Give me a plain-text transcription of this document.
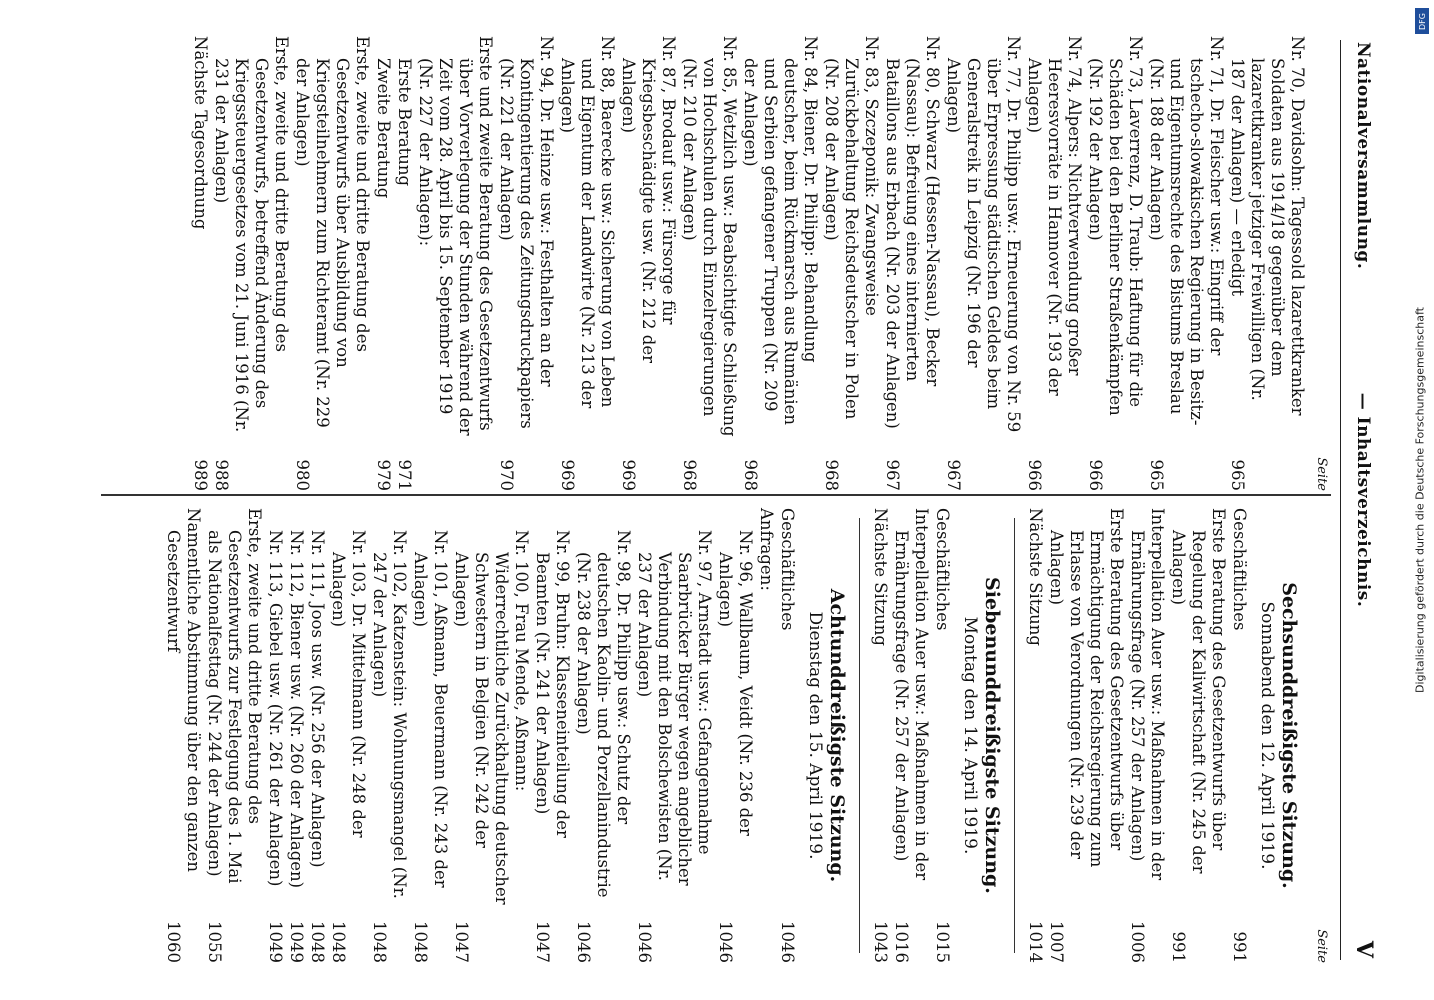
Nationalversammlung.
— Inhaltsverzeichnis.
V
Seite
Nr. 70, Davidsohn: Tagessold lazarettkranker Soldaten aus 1914/18 gegenüber dem lazarettkranker jetziger Freiwilligen (Nr. 187 der Anlagen) — erledigt
965
Nr. 71, Dr. Fleischer usw.: Eingriff der tschecho-slowakischen Regierung in Besitz- und Eigentumsrechte des Bistums Breslau (Nr. 188 der Anlagen)
965
Nr. 73, Laverrenz, D. Traub: Haftung für die Schäden bei den Berliner Straßenkämpfen (Nr. 192 der Anlagen)
966
Nr. 74, Alpers: Nichtverwendung großer Heeresvorräte in Hannover (Nr. 193 der Anlagen)
966
Nr. 77, Dr. Philipp usw.: Erneuerung von Nr. 59 über Erpressung städtischen Geldes beim Generalstreik in Leipzig (Nr. 196 der Anlagen)
967
Nr. 80, Schwarz (Hessen-Nassau), Becker (Nassau): Befreiung eines internierten Bataillons aus Erbach (Nr. 203 der Anlagen)
967
Nr. 83, Szczeponik: Zwangsweise Zurückbehaltung Reichsdeutscher in Polen (Nr. 208 der Anlagen)
968
Nr. 84, Biener, Dr. Philipp: Behandlung deutscher, beim Rückmarsch aus Rumänien und Serbien gefangener Truppen (Nr. 209 der Anlagen)
968
Nr. 85, Wetzlich usw.: Beabsichtigte Schließung von Hochschulen durch Einzelregierungen (Nr. 210 der Anlagen)
968
Nr. 87, Brodauf usw.: Fürsorge für Kriegsbeschädigte usw. (Nr. 212 der Anlagen)
969
Nr. 88, Baerecke usw.: Sicherung von Leben und Eigentum der Landwirte (Nr. 213 der Anlagen)
969
Nr. 94, Dr. Heinze usw.: Festhalten an der Kontingentierung des Zeitungsdruckpapiers (Nr. 221 der Anlagen)
970
Erste und zweite Beratung des Gesetzentwurfs über Vorverlegung der Stunden während der Zeit vom 28. April bis 15. September 1919 (Nr. 227 der Anlagen):
Erste Beratung
971
Zweite Beratung
979
Erste, zweite und dritte Beratung des Gesetzentwurfs über Ausbildung von Kriegsteilnehmern zum Richteramt (Nr. 229 der Anlagen)
980
Erste, zweite und dritte Beratung des Gesetzentwurfs, betreffend Änderung des Kriegssteuergesetzes vom 21. Juni 1916 (Nr. 231 der Anlagen)
988
Nächste Tagesordnung
989
Seite
Sechsunddreißigste Sitzung.
Sonnabend den 12. April 1919.
Geschäftliches
991
Erste Beratung des Gesetzentwurfs über Regelung der Kaliwirtschaft (Nr. 245 der Anlagen)
991
Interpellation Auer usw.: Maßnahmen in der Ernährungsfrage (Nr. 257 der Anlagen)
1006
Erste Beratung des Gesetzentwurfs über Ermächtigung der Reichsregierung zum Erlasse von Verordnungen (Nr. 239 der Anlagen)
1007
Nächste Sitzung
1014
Siebenunddreißigste Sitzung.
Montag den 14. April 1919.
Geschäftliches
1015
Interpellation Auer usw.: Maßnahmen in der Ernährungsfrage (Nr. 257 der Anlagen)
1016
Nächste Sitzung
1043
Achtunddreißigste Sitzung.
Dienstag den 15. April 1919.
Geschäftliches
1046
Anfragen:
Nr. 96, Wallbaum, Veidt (Nr. 236 der Anlagen)
1046
Nr. 97, Arnstadt usw.: Gefangennahme Saarbrücker Bürger wegen angeblicher Verbindung mit den Bolschewisten (Nr. 237 der Anlagen)
1046
Nr. 98, Dr. Philipp usw.: Schutz der deutschen Kaolin- und Porzellanindustrie (Nr. 238 der Anlagen)
1046
Nr. 99, Bruhn: Klasseneinteilung der Beamten (Nr. 241 der Anlagen)
1047
Nr. 100, Frau Mende, Aßmann: Widerrechtliche Zurückhaltung deutscher Schwestern in Belgien (Nr. 242 der Anlagen)
1047
Nr. 101, Aßmann, Beuermann (Nr. 243 der Anlagen)
1048
Nr. 102, Katzenstein: Wohnungsmangel (Nr. 247 der Anlagen)
1048
Nr. 103, Dr. Mittelmann (Nr. 248 der Anlagen)
1048
Nr. 111, Joos usw. (Nr. 256 der Anlagen)
1048
Nr. 112, Biener usw. (Nr. 260 der Anlagen)
1049
Nr. 113, Giebel usw. (Nr. 261 der Anlagen)
1049
Erste, zweite und dritte Beratung des Gesetzentwurfs zur Festlegung des 1. Mai als Nationalfesttag (Nr. 244 der Anlagen)
1055
Namentliche Abstimmung über den ganzen Gesetzentwurf
1060
DFG
Digitalisierung gefördert durch die Deutsche Forschungsgemeinschaft
